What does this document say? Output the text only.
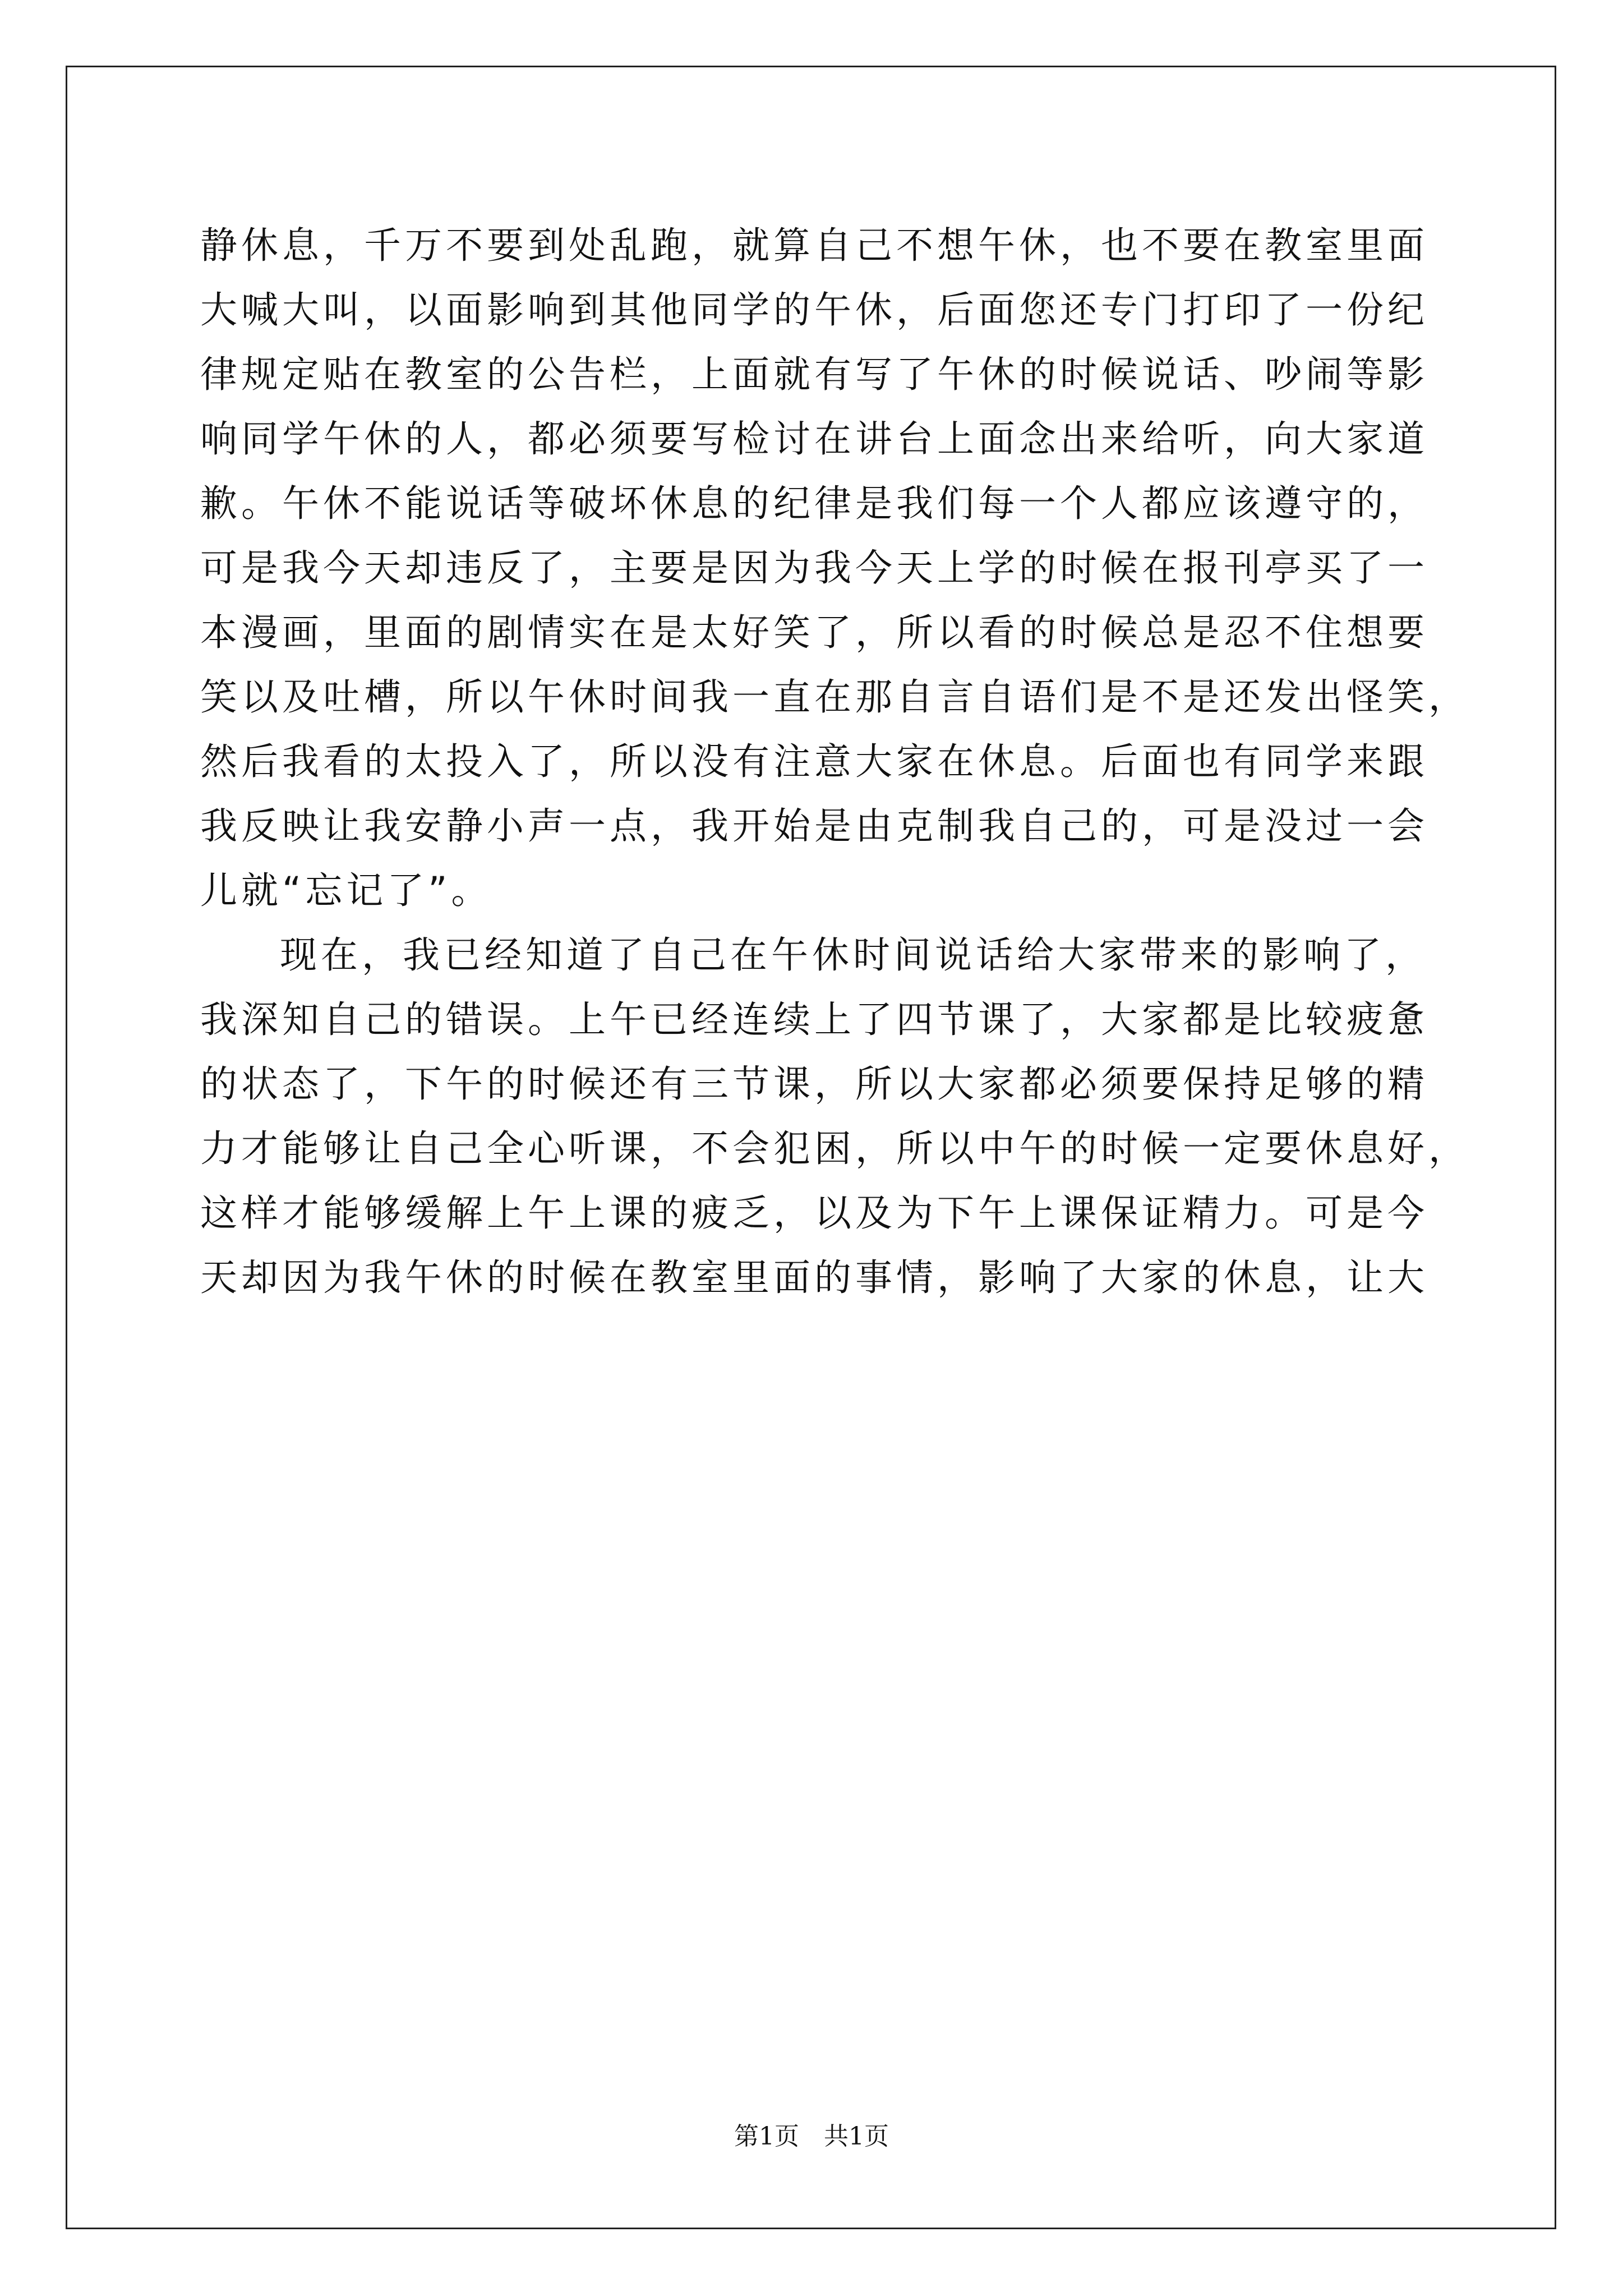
静休息，千万不要到处乱跑，就算自己不想午休，也不要在教室里面
大喊大叫，以面影响到其他同学的午休，后面您还专门打印了一份纪
律规定贴在教室的公告栏，上面就有写了午休的时候说话、吵闹等影
响同学午休的人，都必须要写检讨在讲台上面念出来给听，向大家道
歉。午休不能说话等破坏休息的纪律是我们每一个人都应该遵守的，
可是我今天却违反了，主要是因为我今天上学的时候在报刊亭买了一
本漫画，里面的剧情实在是太好笑了，所以看的时候总是忍不住想要
笑以及吐槽，所以午休时间我一直在那自言自语们是不是还发出怪笑，
然后我看的太投入了，所以没有注意大家在休息。后面也有同学来跟
我反映让我安静小声一点，我开始是由克制我自己的，可是没过一会
儿就“忘记了”。
现在，我已经知道了自己在午休时间说话给大家带来的影响了，
我深知自己的错误。上午已经连续上了四节课了，大家都是比较疲惫
的状态了，下午的时候还有三节课，所以大家都必须要保持足够的精
力才能够让自己全心听课，不会犯困，所以中午的时候一定要休息好，
这样才能够缓解上午上课的疲乏，以及为下午上课保证精力。可是今
天却因为我午休的时候在教室里面的事情，影响了大家的休息，让大
第1页　共1页
